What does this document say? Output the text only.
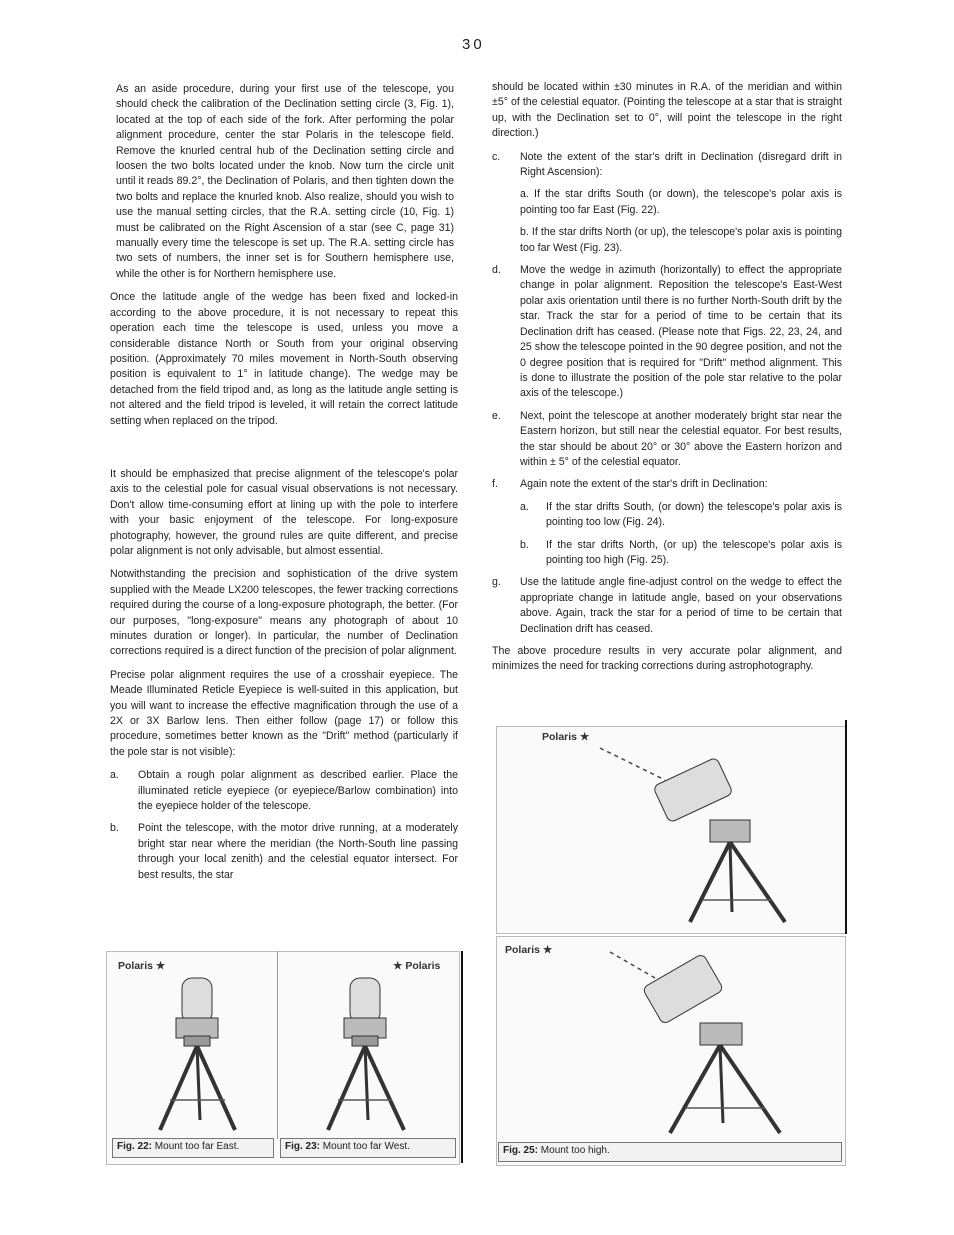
30

As an aside procedure, during your first use of the telescope, you should check the calibration of the Declination setting circle (3, Fig. 1), located at the top of each side of the fork. After performing the polar alignment procedure, center the star Polaris in the telescope field. Remove the knurled central hub of the Declination setting circle and loosen the two bolts located under the knob. Now turn the circle unit until it reads 89.2°, the Declination of Polaris, and then tighten down the two bolts and replace the knurled knob. Also realize, should you wish to use the manual setting circles, that the R.A. setting circle (10, Fig. 1) must be calibrated on the Right Ascension of a star (see C, page 31) manually every time the telescope is set up. The R.A. setting circle has two sets of numbers, the inner set is for Southern hemisphere use, while the other is for Northern hemisphere use.

Once the latitude angle of the wedge has been fixed and locked-in according to the above procedure, it is not necessary to repeat this operation each time the telescope is used, unless you move a considerable distance North or South from your original observing position. (Approximately 70 miles movement in North-South observing position is equivalent to 1° in latitude change). The wedge may be detached from the field tripod and, as long as the latitude angle setting is not altered and the field tripod is leveled, it will retain the correct latitude setting when replaced on the tripod.

It should be emphasized that precise alignment of the telescope's polar axis to the celestial pole for casual visual observations is not necessary. Don't allow time-consuming effort at lining up with the pole to interfere with your basic enjoyment of the telescope. For long-exposure photography, however, the ground rules are quite different, and precise polar alignment is not only advisable, but almost essential.

Notwithstanding the precision and sophistication of the drive system supplied with the Meade LX200 telescopes, the fewer tracking corrections required during the course of a long-exposure photograph, the better. (For our purposes, "long-exposure" means any photograph of about 10 minutes duration or longer). In particular, the number of Declination corrections required is a direct function of the precision of polar alignment.

Precise polar alignment requires the use of a crosshair eyepiece. The Meade Illuminated Reticle Eyepiece is well-suited in this application, but you will want to increase the effective magnification through the use of a 2X or 3X Barlow lens. Then either follow (page 17) or follow this procedure, sometimes better known as the "Drift" method (particularly if the pole star is not visible):

a.	Obtain a rough polar alignment as described earlier. Place the illuminated reticle eyepiece (or eyepiece/Barlow combination) into the eyepiece holder of the telescope.
b.	Point the telescope, with the motor drive running, at a moderately bright star near where the meridian (the North-South line passing through your local zenith) and the celestial equator intersect. For best results, the star

should be located within ±30 minutes in R.A. of the meridian and within ±5° of the celestial equator. (Pointing the telescope at a star that is straight up, with the Declination set to 0°, will point the telescope in the right direction.)

c.	Note the extent of the star's drift in Declination (disregard drift in Right Ascension):
a. If the star drifts South (or down), the telescope's polar axis is pointing too far East (Fig. 22).
b. If the star drifts North (or up), the telescope's polar axis is pointing too far West (Fig. 23).
d.	Move the wedge in azimuth (horizontally) to effect the appropriate change in polar alignment. Reposition the telescope's East-West polar axis orientation until there is no further North-South drift by the star. Track the star for a period of time to be certain that its Declination drift has ceased. (Please note that Figs. 22, 23, 24, and 25 show the telescope pointed in the 90 degree position, and not the 0 degree position that is required for "Drift" method alignment. This is done to illustrate the position of the pole star relative to the polar axis of the telescope.)
e.	Next, point the telescope at another moderately bright star near the Eastern horizon, but still near the celestial equator. For best results, the star should be about 20° or 30° above the Eastern horizon and within ± 5° of the celestial equator.
f.	Again note the extent of the star's drift in Declination:
a.	If the star drifts South, (or down) the telescope's polar axis is pointing too low (Fig. 24).
b.	If the star drifts North, (or up) the telescope's polar axis is pointing too high (Fig. 25).
g.	Use the latitude angle fine-adjust control on the wedge to effect the appropriate change in latitude angle, based on your observations above. Again, track the star for a period of time to be certain that Declination drift has ceased.

The above procedure results in very accurate polar alignment, and minimizes the need for tracking corrections during astrophotography.

Polaris ★	★ Polaris
Fig. 22: Mount too far East.	Fig. 23: Mount too far West.
Polaris ★
Polaris ★
Fig. 25: Mount too high.
